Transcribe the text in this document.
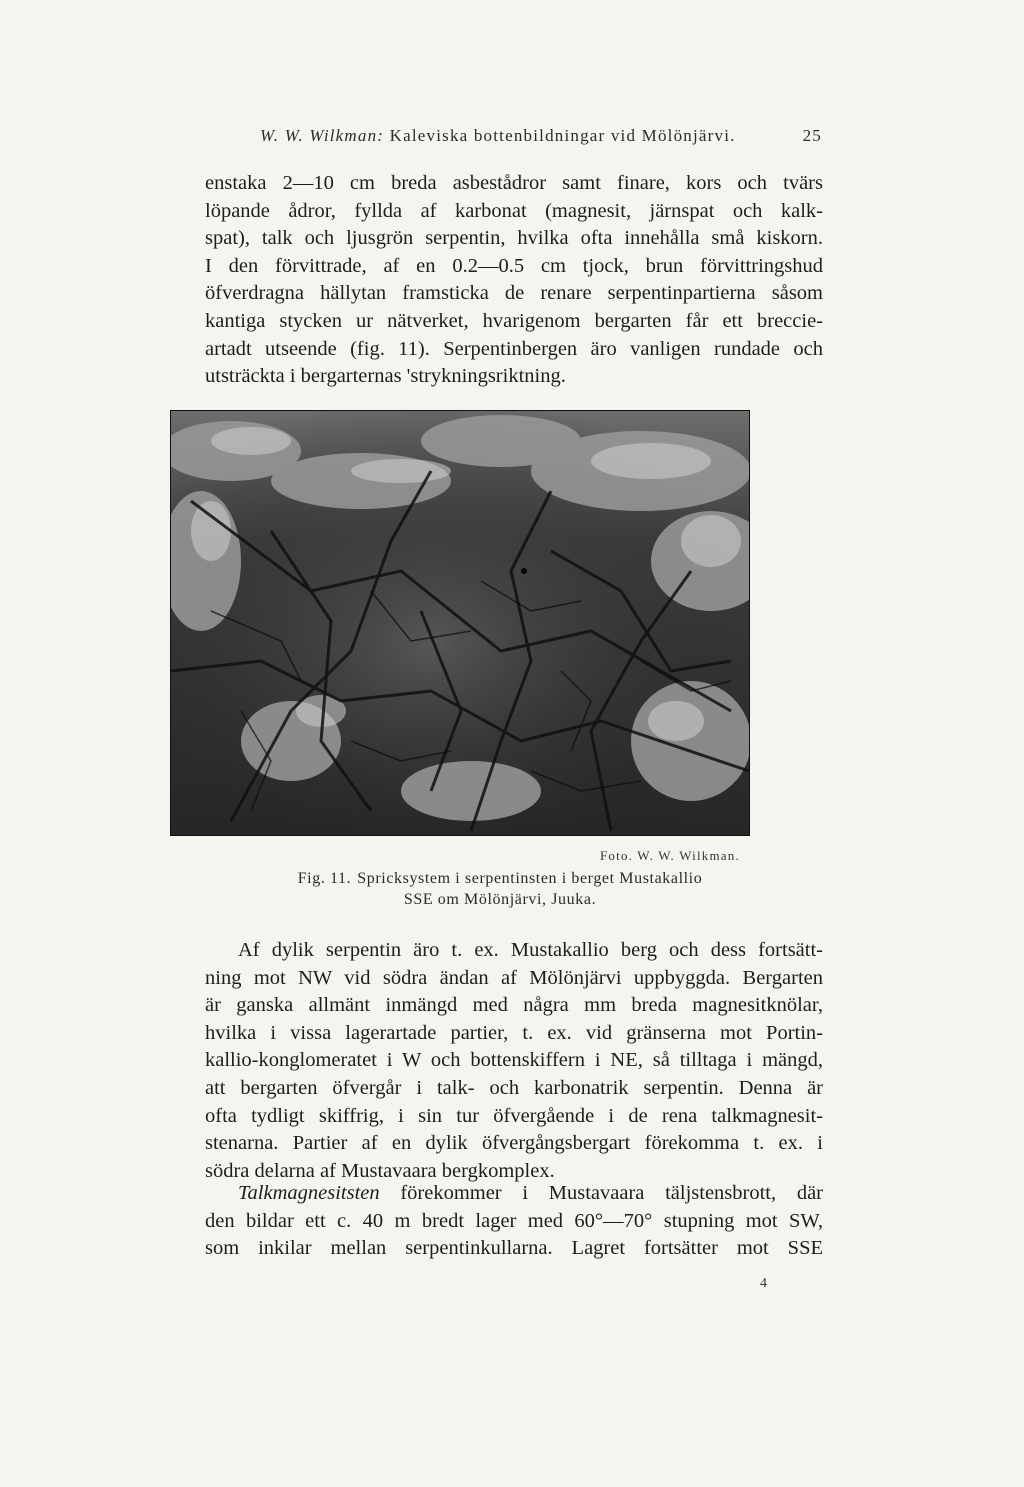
W. W. Wilkman: Kaleviska bottenbildningar vid Mölönjärvi.	25
enstaka 2—10 cm breda asbestådror samt finare, kors och tvärs
löpande ådror, fyllda af karbonat (magnesit, järnspat och kalk-
spat), talk och ljusgrön serpentin, hvilka ofta innehålla små kiskorn.
I den förvittrade, af en 0.2—0.5 cm tjock, brun förvittringshud
öfverdragna hällytan framsticka de renare serpentinpartierna såsom
kantiga stycken ur nätverket, hvarigenom bergarten får ett breccie-
artadt utseende (fig. 11). Serpentinbergen äro vanligen rundade och
utsträckta i bergarternas 'strykningsriktning.
Foto. W. W. Wilkman.
Fig. 11. Spricksystem i serpentinsten i berget Mustakallio
SSE om Mölönjärvi, Juuka.
Af dylik serpentin äro t. ex. Mustakallio berg och dess fortsätt-
ning mot NW vid södra ändan af Mölönjärvi uppbyggda. Bergarten
är ganska allmänt inmängd med några mm breda magnesitknölar,
hvilka i vissa lagerartade partier, t. ex. vid gränserna mot Portin-
kallio-konglomeratet i W och bottenskiffern i NE, så tilltaga i mängd,
att bergarten öfvergår i talk- och karbonatrik serpentin. Denna är
ofta tydligt skiffrig, i sin tur öfvergående i de rena talkmagnesit-
stenarna. Partier af en dylik öfvergångsbergart förekomma t. ex. i
södra delarna af Mustavaara bergkomplex.
Talkmagnesitsten förekommer i Mustavaara täljstensbrott, där
den bildar ett c. 40 m bredt lager med 60°—70° stupning mot SW,
som inkilar mellan serpentinkullarna. Lagret fortsätter mot SSE
4
